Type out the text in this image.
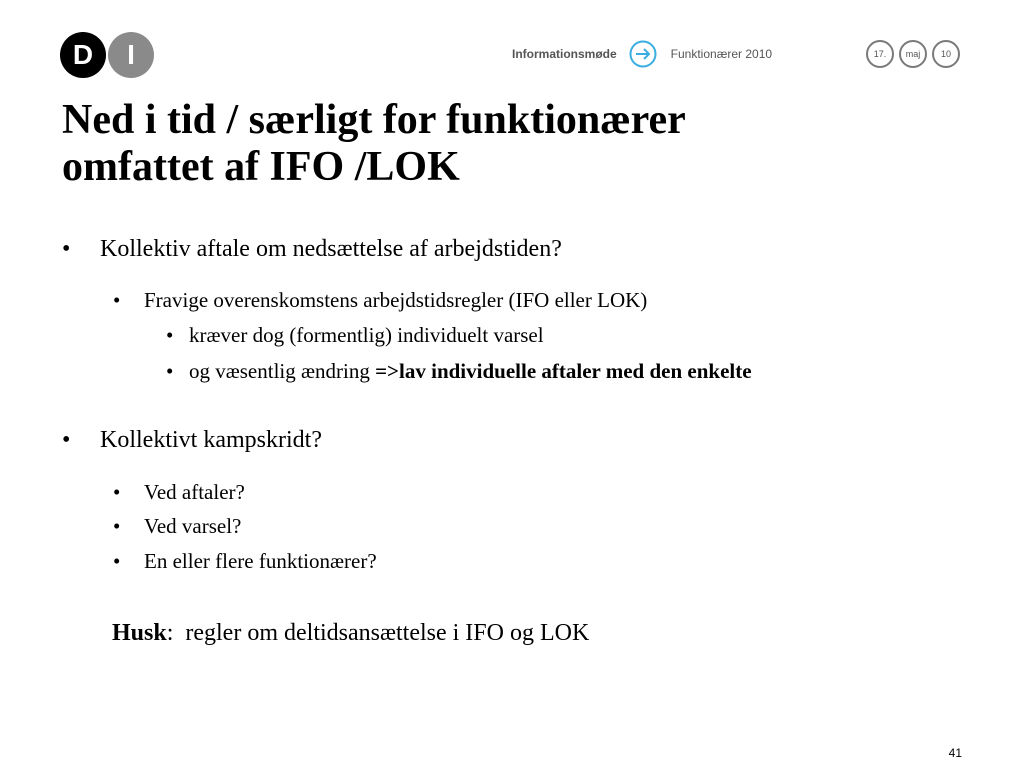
D	I	Informationsmøde	Funktionærer 2010	17.	maj	10
Ned i tid / særligt for funktionærer
omfattet af IFO /LOK
•	Kollektiv aftale om nedsættelse af arbejdstiden?
•	Fravige overenskomstens arbejdstidsregler (IFO eller LOK)
• kræver dog (formentlig) individuelt varsel
• og væsentlig ændring =>lav individuelle aftaler med den enkelte
•	Kollektivt kampskridt?
•	Ved aftaler?
•	Ved varsel?
•	En eller flere funktionærer?
Husk:  regler om deltidsansættelse i IFO og LOK
41
